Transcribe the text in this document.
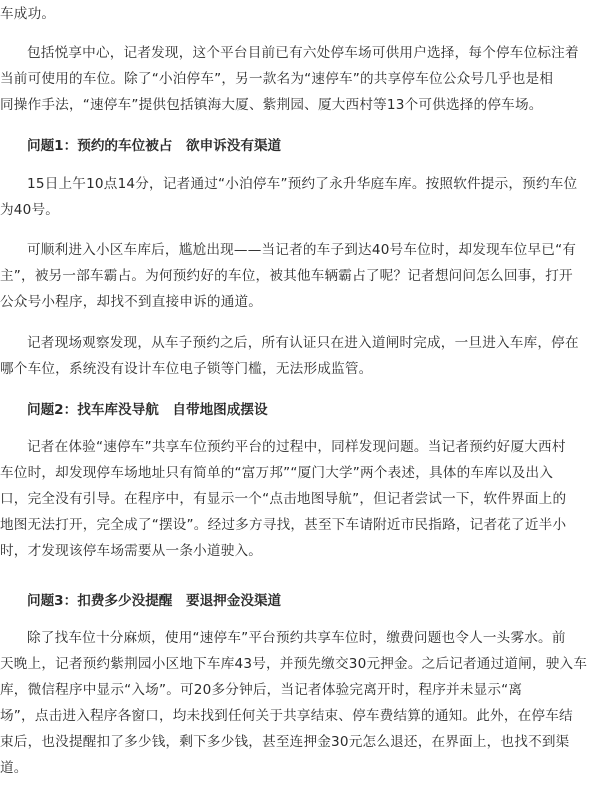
车成功。
包括悦享中心，记者发现，这个平台目前已有六处停车场可供用户选择，每个停车位标注着
当前可使用的车位。除了“小泊停车”，另一款名为“速停车”的共享停车位公众号几乎也是相
同操作手法，“速停车”提供包括镇海大厦、紫荆园、厦大西村等13个可供选择的停车场。
问题1：预约的车位被占　欲申诉没有渠道
15日上午10点14分，记者通过“小泊停车”预约了永升华庭车库。按照软件提示，预约车位
为40号。
可顺利进入小区车库后，尴尬出现——当记者的车子到达40号车位时，却发现车位早已“有
主”，被另一部车霸占。为何预约好的车位，被其他车辆霸占了呢？记者想问问怎么回事，打开
公众号小程序，却找不到直接申诉的通道。
记者现场观察发现，从车子预约之后，所有认证只在进入道闸时完成，一旦进入车库，停在
哪个车位，系统没有设计车位电子锁等门槛，无法形成监管。
问题2：找车库没导航　自带地图成摆设
记者在体验“速停车”共享车位预约平台的过程中，同样发现问题。当记者预约好厦大西村
车位时，却发现停车场地址只有简单的“富万邦”“厦门大学”两个表述，具体的车库以及出入
口，完全没有引导。在程序中，有显示一个“点击地图导航”，但记者尝试一下，软件界面上的
地图无法打开，完全成了“摆设”。经过多方寻找，甚至下车请附近市民指路，记者花了近半小
时，才发现该停车场需要从一条小道驶入。
问题3：扣费多少没提醒　要退押金没渠道
除了找车位十分麻烦，使用“速停车”平台预约共享车位时，缴费问题也令人一头雾水。前
天晚上，记者预约紫荆园小区地下车库43号，并预先缴交30元押金。之后记者通过道闸，驶入车
库，微信程序中显示“入场”。可20多分钟后，当记者体验完离开时，程序并未显示“离
场”，点击进入程序各窗口，均未找到任何关于共享结束、停车费结算的通知。此外，在停车结
束后，也没提醒扣了多少钱，剩下多少钱，甚至连押金30元怎么退还，在界面上，也找不到渠
道。
